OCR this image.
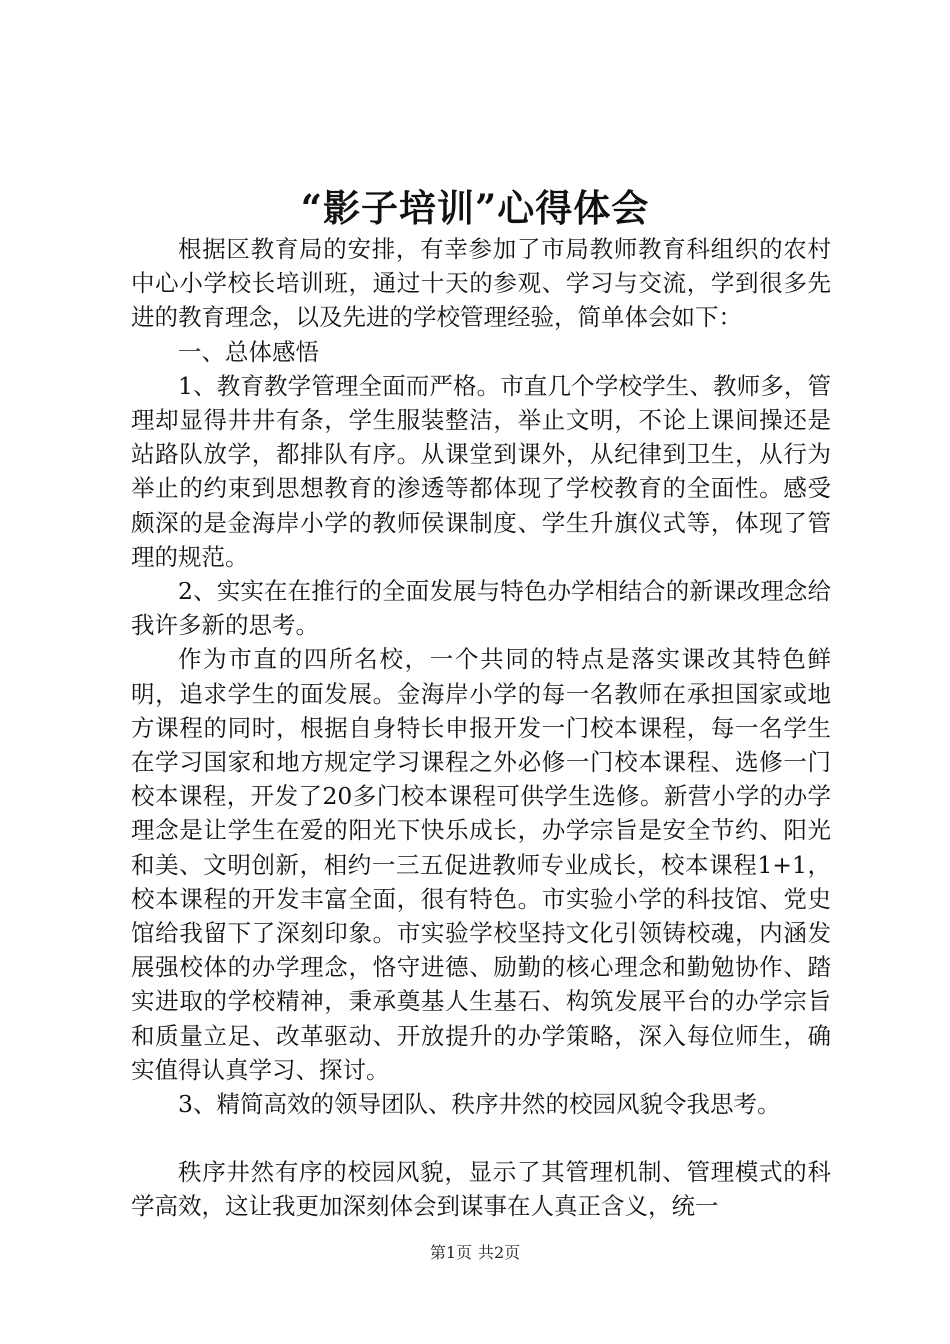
“影子培训”心得体会

根据区教育局的安排，有幸参加了市局教师教育科组织的农村中心小学校长培训班，通过十天的参观、学习与交流，学到很多先进的教育理念，以及先进的学校管理经验，简单体会如下：

一、总体感悟

1、教育教学管理全面而严格。市直几个学校学生、教师多，管理却显得井井有条，学生服装整洁，举止文明，不论上课间操还是站路队放学，都排队有序。从课堂到课外，从纪律到卫生，从行为举止的约束到思想教育的渗透等都体现了学校教育的全面性。感受颇深的是金海岸小学的教师侯课制度、学生升旗仪式等，体现了管理的规范。

2、实实在在推行的全面发展与特色办学相结合的新课改理念给我许多新的思考。

作为市直的四所名校，一个共同的特点是落实课改其特色鲜明，追求学生的面发展。金海岸小学的每一名教师在承担国家或地方课程的同时，根据自身特长申报开发一门校本课程，每一名学生在学习国家和地方规定学习课程之外必修一门校本课程、选修一门校本课程，开发了20多门校本课程可供学生选修。新营小学的办学理念是让学生在爱的阳光下快乐成长，办学宗旨是安全节约、阳光和美、文明创新，相约一三五促进教师专业成长，校本课程1+1，校本课程的开发丰富全面，很有特色。市实验小学的科技馆、党史馆给我留下了深刻印象。市实验学校坚持文化引领铸校魂，内涵发展强校体的办学理念，恪守进德、励勤的核心理念和勤勉协作、踏实进取的学校精神，秉承奠基人生基石、构筑发展平台的办学宗旨和质量立足、改革驱动、开放提升的办学策略，深入每位师生，确实值得认真学习、探讨。

3、精简高效的领导团队、秩序井然的校园风貌令我思考。

秩序井然有序的校园风貌，显示了其管理机制、管理模式的科学高效，这让我更加深刻体会到谋事在人真正含义，统一

第1页 共2页
